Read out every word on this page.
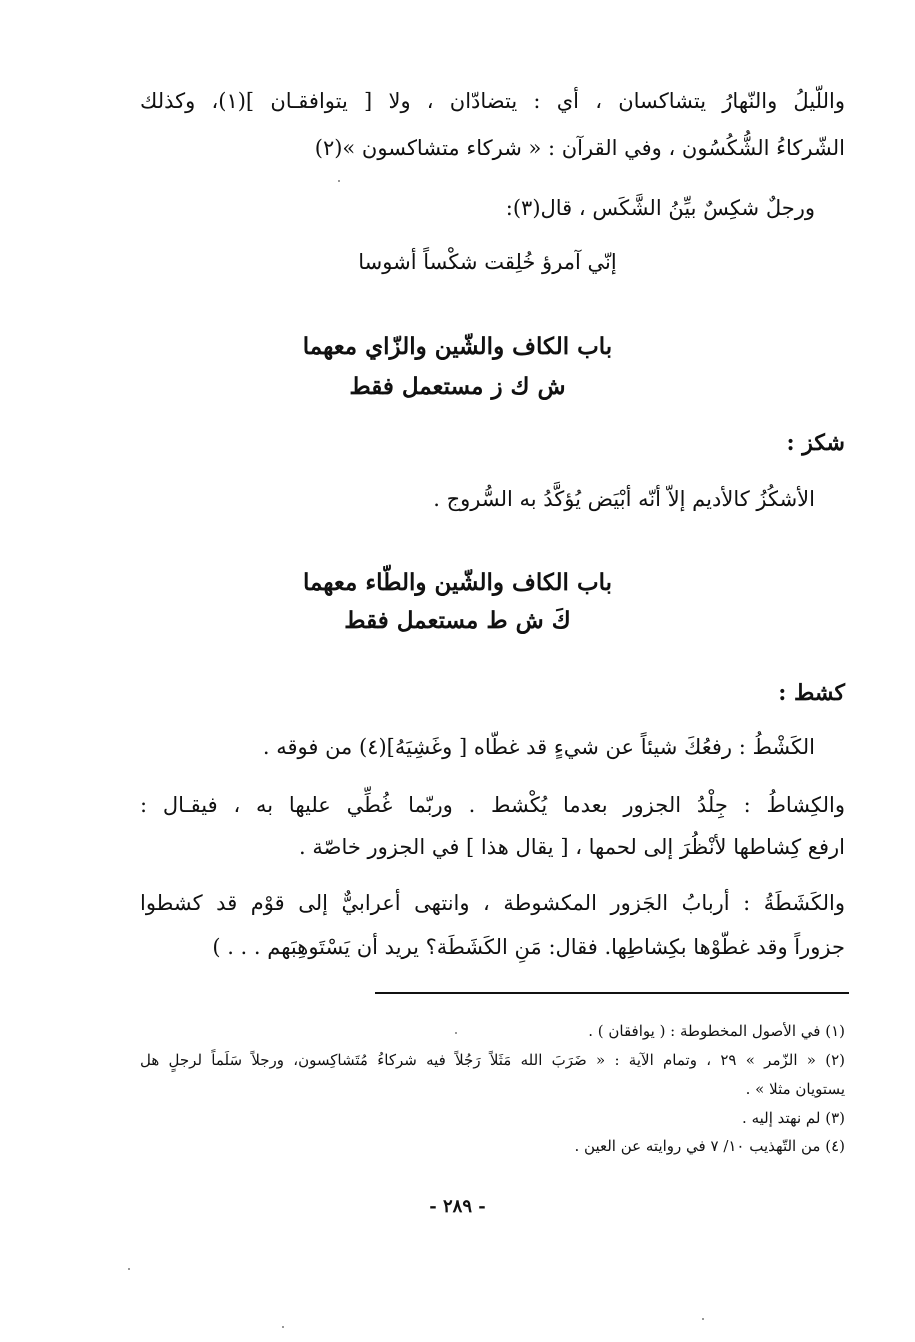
واللّيلُ والنّهارُ يتشاكسان ، أي : يتضادّان ، ولا [ يتوافقـان ](١)، وكذلك
الشّركاءُ الشُّكُسُون ، وفي القرآن : « شركاء متشاكسون »(٢)
ورجلٌ شكِسٌ بيِّنُ الشَّكَس ، قال(٣):
إنّي آمرؤ خُلِقت شكْساً أشوسا
باب الكاف والشّين والزّاي معهما
ش ك ز مستعمل فقط
شكز :
الأشكُزُ كالأديم إلاّ أنّه أبْيَض يُؤكَّدُ به السُّروج .
باب الكاف والشّين والطّاء معهما
كَ ش ط مستعمل فقط
كشط :
الكَشْطُ : رفعُكَ شيئاً عن شيءٍ قد غطّاه [ وغَشِيَهُ](٤) من فوقه .
والكِشاطُ : جِلْدُ الجزور بعدما يُكْشط . وربّما غُطِّي عليها به ، فيقـال :
ارفع كِشاطها لأنْظُرَ إلى لحمها ، [ يقال هذا ] في الجزور خاصّة .
والكَشَطَةُ : أربابُ الجَزور المكشوطة ، وانتهى أعرابيٌّ إلى قوْم قد كشطوا
جزوراً وقد غطّوْها بكِشاطِها. فقال: مَنِ الكَشَطَة؟ يريد أن يَسْتَوهِبَهم . . . )
(١) في الأصول المخطوطة : ( يوافقان ) .
(٢) « الزّمر » ٢٩ ، وتمام الآية : « ضَرَبَ الله مَثَلاً رَجُلاً فيه شركاءُ مُتَشاكِسون، ورجلاً سَلَماً لرجلٍ هل
يستويان مثلا » .
(٣) لم نهتد إليه .
(٤) من التّهذيب ١٠/ ٧ في روايته عن العين .
- ٢٨٩ -
